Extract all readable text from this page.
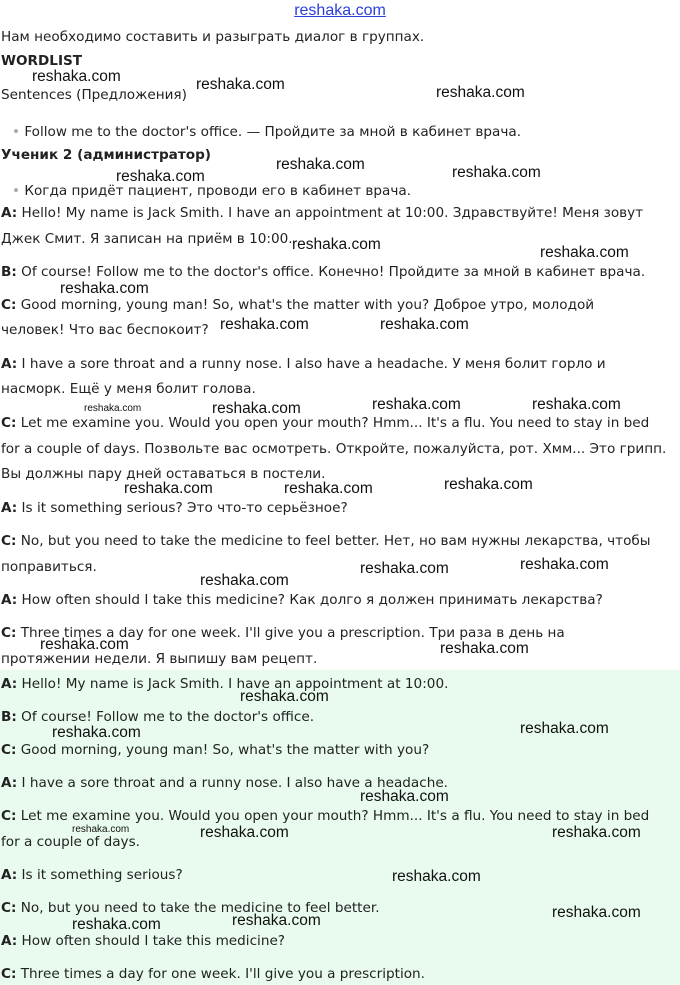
reshaka.com
Нам необходимо составить и разыграть диалог в группах.
WORDLIST
Sentences (Предложения)
• Follow me to the doctor's office. — Пройдите за мной в кабинет врача.
Ученик 2 (администратор)
• Когда придёт пациент, проводи его в кабинет врача.
A: Hello! My name is Jack Smith. I have an appointment at 10:00. Здравствуйте! Меня зовут
Джек Смит. Я записан на приём в 10:00.
B: Of course! Follow me to the doctor's office. Конечно! Пройдите за мной в кабинет врача.
C: Good morning, young man! So, what's the matter with you? Доброе утро, молодой
человек! Что вас беспокоит?
A: I have a sore throat and a runny nose. I also have a headache. У меня болит горло и
насморк. Ещё у меня болит голова.
C: Let me examine you. Would you open your mouth? Hmm... It's a flu. You need to stay in bed
for a couple of days. Позвольте вас осмотреть. Откройте, пожалуйста, рот. Хмм... Это грипп.
Вы должны пару дней оставаться в постели.
A: Is it something serious? Это что-то серьёзное?
C: No, but you need to take the medicine to feel better. Нет, но вам нужны лекарства, чтобы
поправиться.
A: How often should I take this medicine? Как долго я должен принимать лекарства?
C: Three times a day for one week. I'll give you a prescription. Три раза в день на
протяжении недели. Я выпишу вам рецепт.
A: Hello! My name is Jack Smith. I have an appointment at 10:00.
B: Of course! Follow me to the doctor's office.
C: Good morning, young man! So, what's the matter with you?
A: I have a sore throat and a runny nose. I also have a headache.
C: Let me examine you. Would you open your mouth? Hmm... It's a flu. You need to stay in bed
for a couple of days.
A: Is it something serious?
C: No, but you need to take the medicine to feel better.
A: How often should I take this medicine?
C: Three times a day for one week. I'll give you a prescription.
reshaka.com	reshaka.com	reshaka.com
reshaka.com
reshaka.com	reshaka.com
reshaka.com	reshaka.com
reshaka.com
reshaka.com	reshaka.com
reshaka.com	reshaka.com	reshaka.com	reshaka.com
reshaka.com	reshaka.com	reshaka.com
reshaka.com
reshaka.com	reshaka.com
reshaka.com	reshaka.com
reshaka.com
reshaka.com	reshaka.com
reshaka.com
reshaka.com	reshaka.com	reshaka.com
reshaka.com
reshaka.com
reshaka.com
reshaka.com
